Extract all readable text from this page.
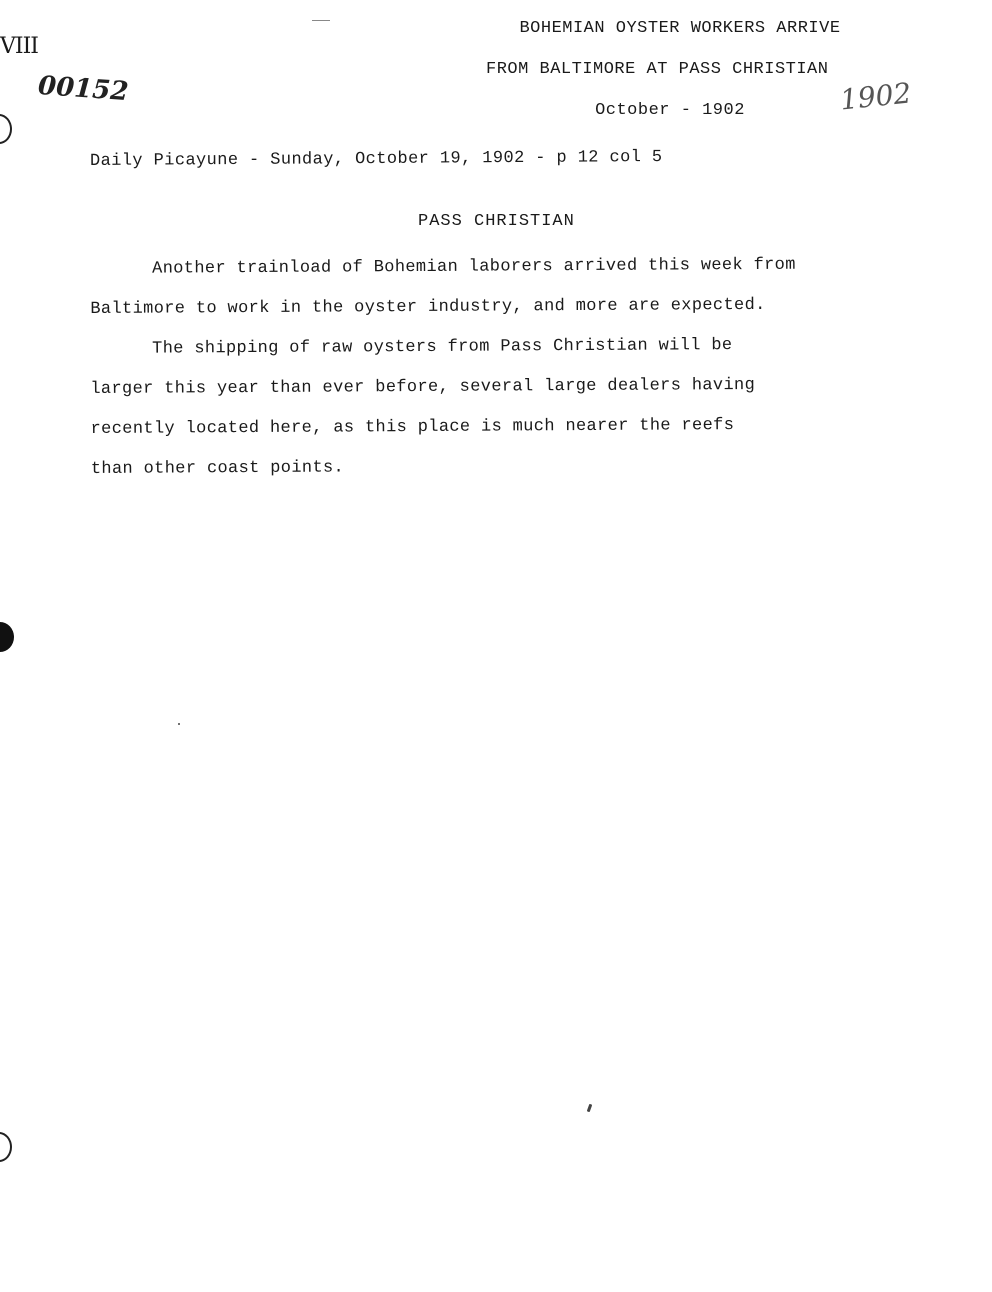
VIII
00152
BOHEMIAN OYSTER WORKERS ARRIVE
FROM BALTIMORE AT PASS CHRISTIAN
October - 1902	1902
Daily Picayune - Sunday, October 19, 1902 - p 12 col 5
PASS CHRISTIAN

Another trainload of Bohemian laborers arrived this week from
Baltimore to work in the oyster industry, and more are expected.

The shipping of raw oysters from Pass Christian will be
larger this year than ever before, several large dealers having
recently located here, as this place is much nearer the reefs
than other coast points.
